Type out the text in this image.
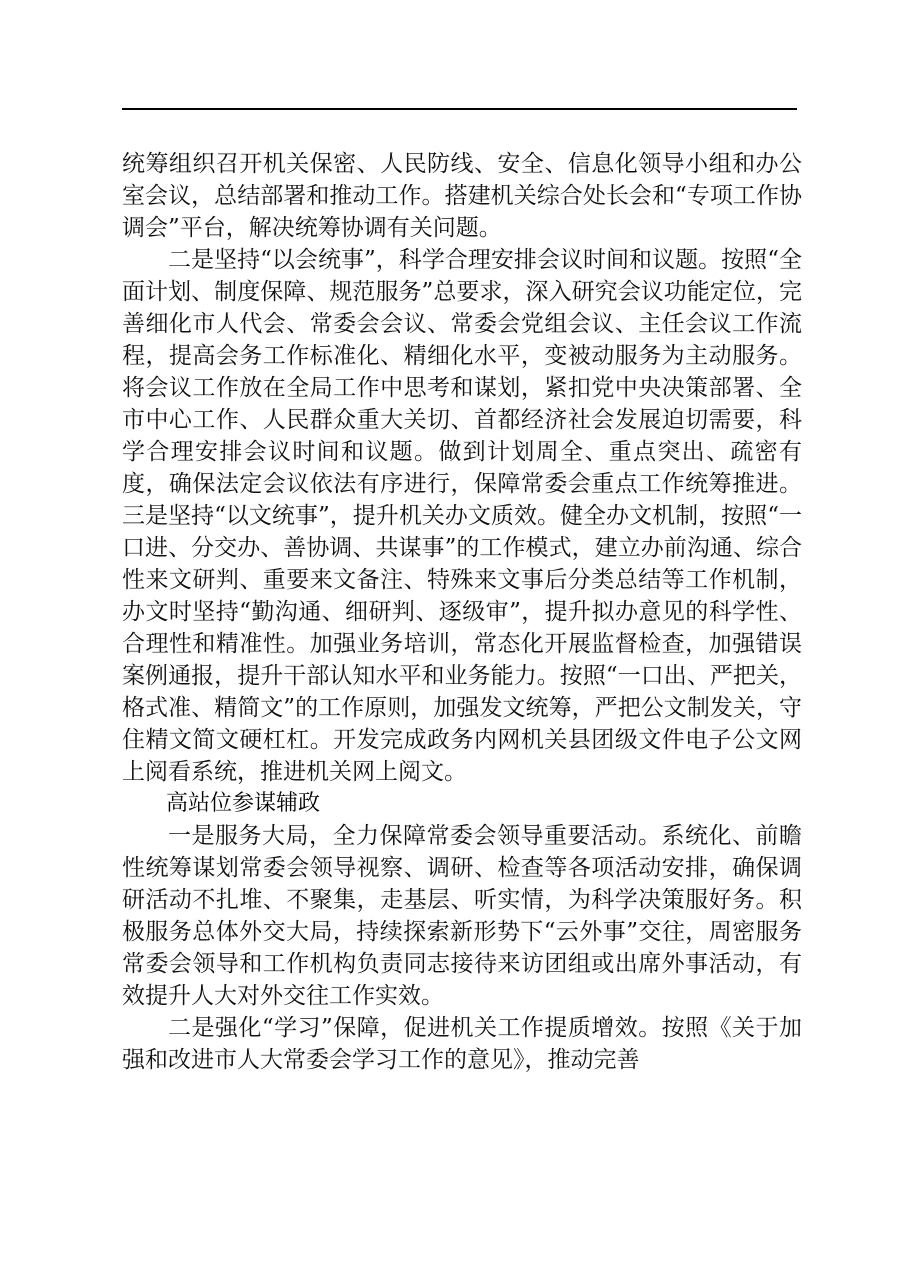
统筹组织召开机关保密、人民防线、安全、信息化领导小组和办公室会议，总结部署和推动工作。搭建机关综合处长会和“专项工作协调会”平台，解决统筹协调有关问题。

二是坚持“以会统事”，科学合理安排会议时间和议题。按照“全面计划、制度保障、规范服务”总要求，深入研究会议功能定位，完善细化市人代会、常委会会议、常委会党组会议、主任会议工作流程，提高会务工作标准化、精细化水平，变被动服务为主动服务。将会议工作放在全局工作中思考和谋划，紧扣党中央决策部署、全市中心工作、人民群众重大关切、首都经济社会发展迫切需要，科学合理安排会议时间和议题。做到计划周全、重点突出、疏密有度，确保法定会议依法有序进行，保障常委会重点工作统筹推进。三是坚持“以文统事”，提升机关办文质效。健全办文机制，按照“一口进、分交办、善协调、共谋事”的工作模式，建立办前沟通、综合性来文研判、重要来文备注、特殊来文事后分类总结等工作机制，办文时坚持“勤沟通、细研判、逐级审”，提升拟办意见的科学性、合理性和精准性。加强业务培训，常态化开展监督检查，加强错误案例通报，提升干部认知水平和业务能力。按照“一口出、严把关，格式准、精简文”的工作原则，加强发文统筹，严把公文制发关，守住精文简文硬杠杠。开发完成政务内网机关县团级文件电子公文网上阅看系统，推进机关网上阅文。

高站位参谋辅政

一是服务大局，全力保障常委会领导重要活动。系统化、前瞻性统筹谋划常委会领导视察、调研、检查等各项活动安排，确保调研活动不扎堆、不聚集，走基层、听实情，为科学决策服好务。积极服务总体外交大局，持续探索新形势下“云外事”交往，周密服务常委会领导和工作机构负责同志接待来访团组或出席外事活动，有效提升人大对外交往工作实效。

二是强化“学习”保障，促进机关工作提质增效。按照《关于加强和改进市人大常委会学习工作的意见》，推动完善
